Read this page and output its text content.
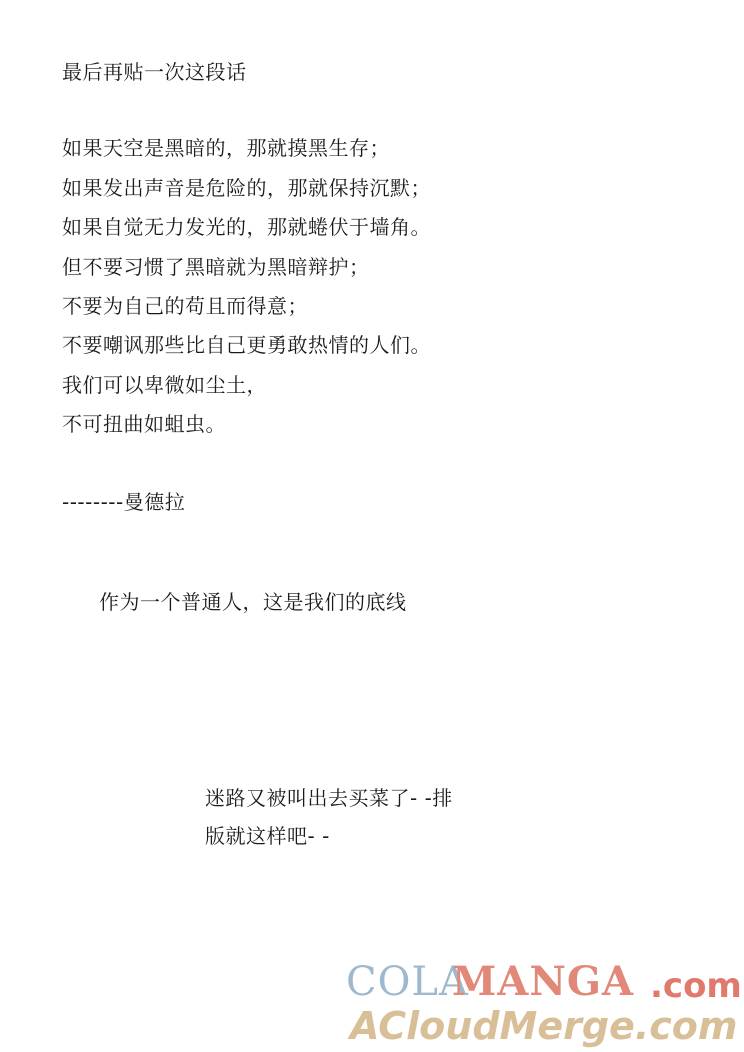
最后再贴一次这段话
如果天空是黑暗的，那就摸黑生存；
如果发出声音是危险的，那就保持沉默；
如果自觉无力发光的，那就蜷伏于墙角。
但不要习惯了黑暗就为黑暗辩护；
不要为自己的苟且而得意；
不要嘲讽那些比自己更勇敢热情的人们。
我们可以卑微如尘土，
不可扭曲如蛆虫。
--------曼德拉
作为一个普通人，这是我们的底线
迷路又被叫出去买菜了- -排
版就这样吧- -
COLA
MANGA .com
ACloudMerge.com
